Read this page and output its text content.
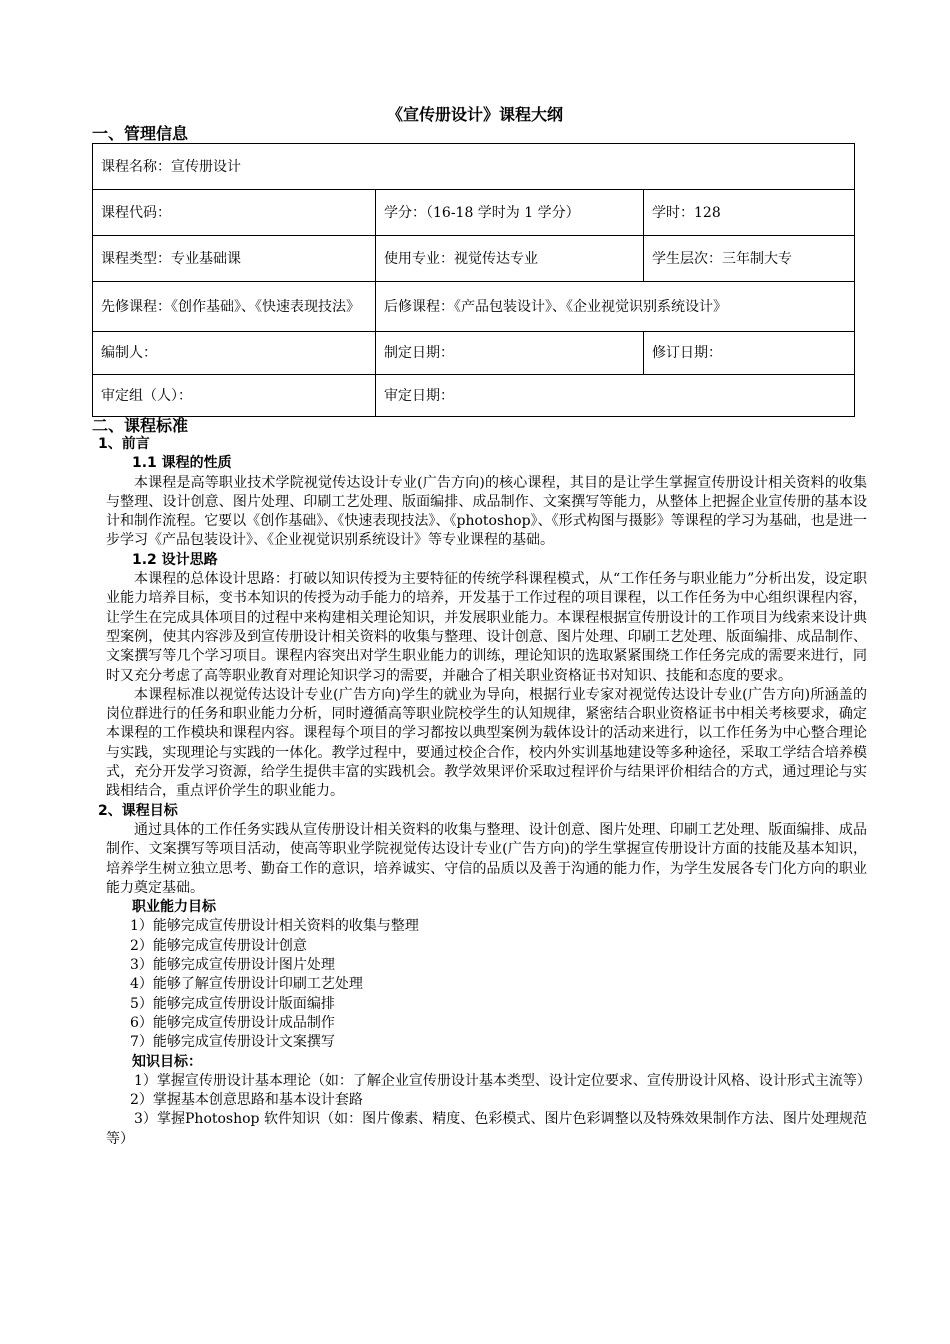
《宣传册设计》课程大纲
一、管理信息
课程名称：宣传册设计		
课程代码：	学分：（16-18 学时为 1 学分）	学时：128
课程类型：专业基础课	使用专业：视觉传达专业	学生层次：三年制大专
先修课程：《创作基础》、《快速表现技法》	后修课程：《产品包装设计》、《企业视觉识别系统设计》	
编制人：	制定日期：	修订日期：
审定组（人）：	审定日期：	
二、课程标准

1、前言

1.1 课程的性质

本课程是高等职业技术学院视觉传达设计专业(广告方向)的核心课程，其目的是让学生掌握宣传册设计相关资料的收集与整理、设计创意、图片处理、印刷工艺处理、版面编排、成品制作、文案撰写等能力，从整体上把握企业宣传册的基本设计和制作流程。它要以《创作基础》、《快速表现技法》、《photoshop》、《形式构图与摄影》等课程的学习为基础，也是进一步学习《产品包装设计》、《企业视觉识别系统设计》等专业课程的基础。

1.2 设计思路

本课程的总体设计思路：打破以知识传授为主要特征的传统学科课程模式，从“工作任务与职业能力”分析出发，设定职业能力培养目标，变书本知识的传授为动手能力的培养，开发基于工作过程的项目课程，以工作任务为中心组织课程内容，让学生在完成具体项目的过程中来构建相关理论知识，并发展职业能力。本课程根据宣传册设计的工作项目为线索来设计典型案例，使其内容涉及到宣传册设计相关资料的收集与整理、设计创意、图片处理、印刷工艺处理、版面编排、成品制作、文案撰写等几个学习项目。课程内容突出对学生职业能力的训练，理论知识的选取紧紧围绕工作任务完成的需要来进行，同时又充分考虑了高等职业教育对理论知识学习的需要，并融合了相关职业资格证书对知识、技能和态度的要求。

本课程标准以视觉传达设计专业(广告方向)学生的就业为导向，根据行业专家对视觉传达设计专业(广告方向)所涵盖的岗位群进行的任务和职业能力分析，同时遵循高等职业院校学生的认知规律，紧密结合职业资格证书中相关考核要求，确定本课程的工作模块和课程内容。课程每个项目的学习都按以典型案例为载体设计的活动来进行，以工作任务为中心整合理论与实践，实现理论与实践的一体化。教学过程中，要通过校企合作，校内外实训基地建设等多种途径，采取工学结合培养模式，充分开发学习资源，给学生提供丰富的实践机会。教学效果评价采取过程评价与结果评价相结合的方式，通过理论与实践相结合，重点评价学生的职业能力。

2、课程目标

通过具体的工作任务实践从宣传册设计相关资料的收集与整理、设计创意、图片处理、印刷工艺处理、版面编排、成品制作、文案撰写等项目活动，使高等职业学院视觉传达设计专业(广告方向)的学生掌握宣传册设计方面的技能及基本知识，培养学生树立独立思考、勤奋工作的意识，培养诚实、守信的品质以及善于沟通的能力作，为学生发展各专门化方向的职业能力奠定基础。

职业能力目标

1）能够完成宣传册设计相关资料的收集与整理

2）能够完成宣传册设计创意

3）能够完成宣传册设计图片处理

4）能够了解宣传册设计印刷工艺处理

5）能够完成宣传册设计版面编排

6）能够完成宣传册设计成品制作

7）能够完成宣传册设计文案撰写

知识目标：

1）掌握宣传册设计基本理论（如：了解企业宣传册设计基本类型、设计定位要求、宣传册设计风格、设计形式主流等）

2）掌握基本创意思路和基本设计套路

3）掌握Photoshop 软件知识（如：图片像素、精度、色彩模式、图片色彩调整以及特殊效果制作方法、图片处理规范等）
